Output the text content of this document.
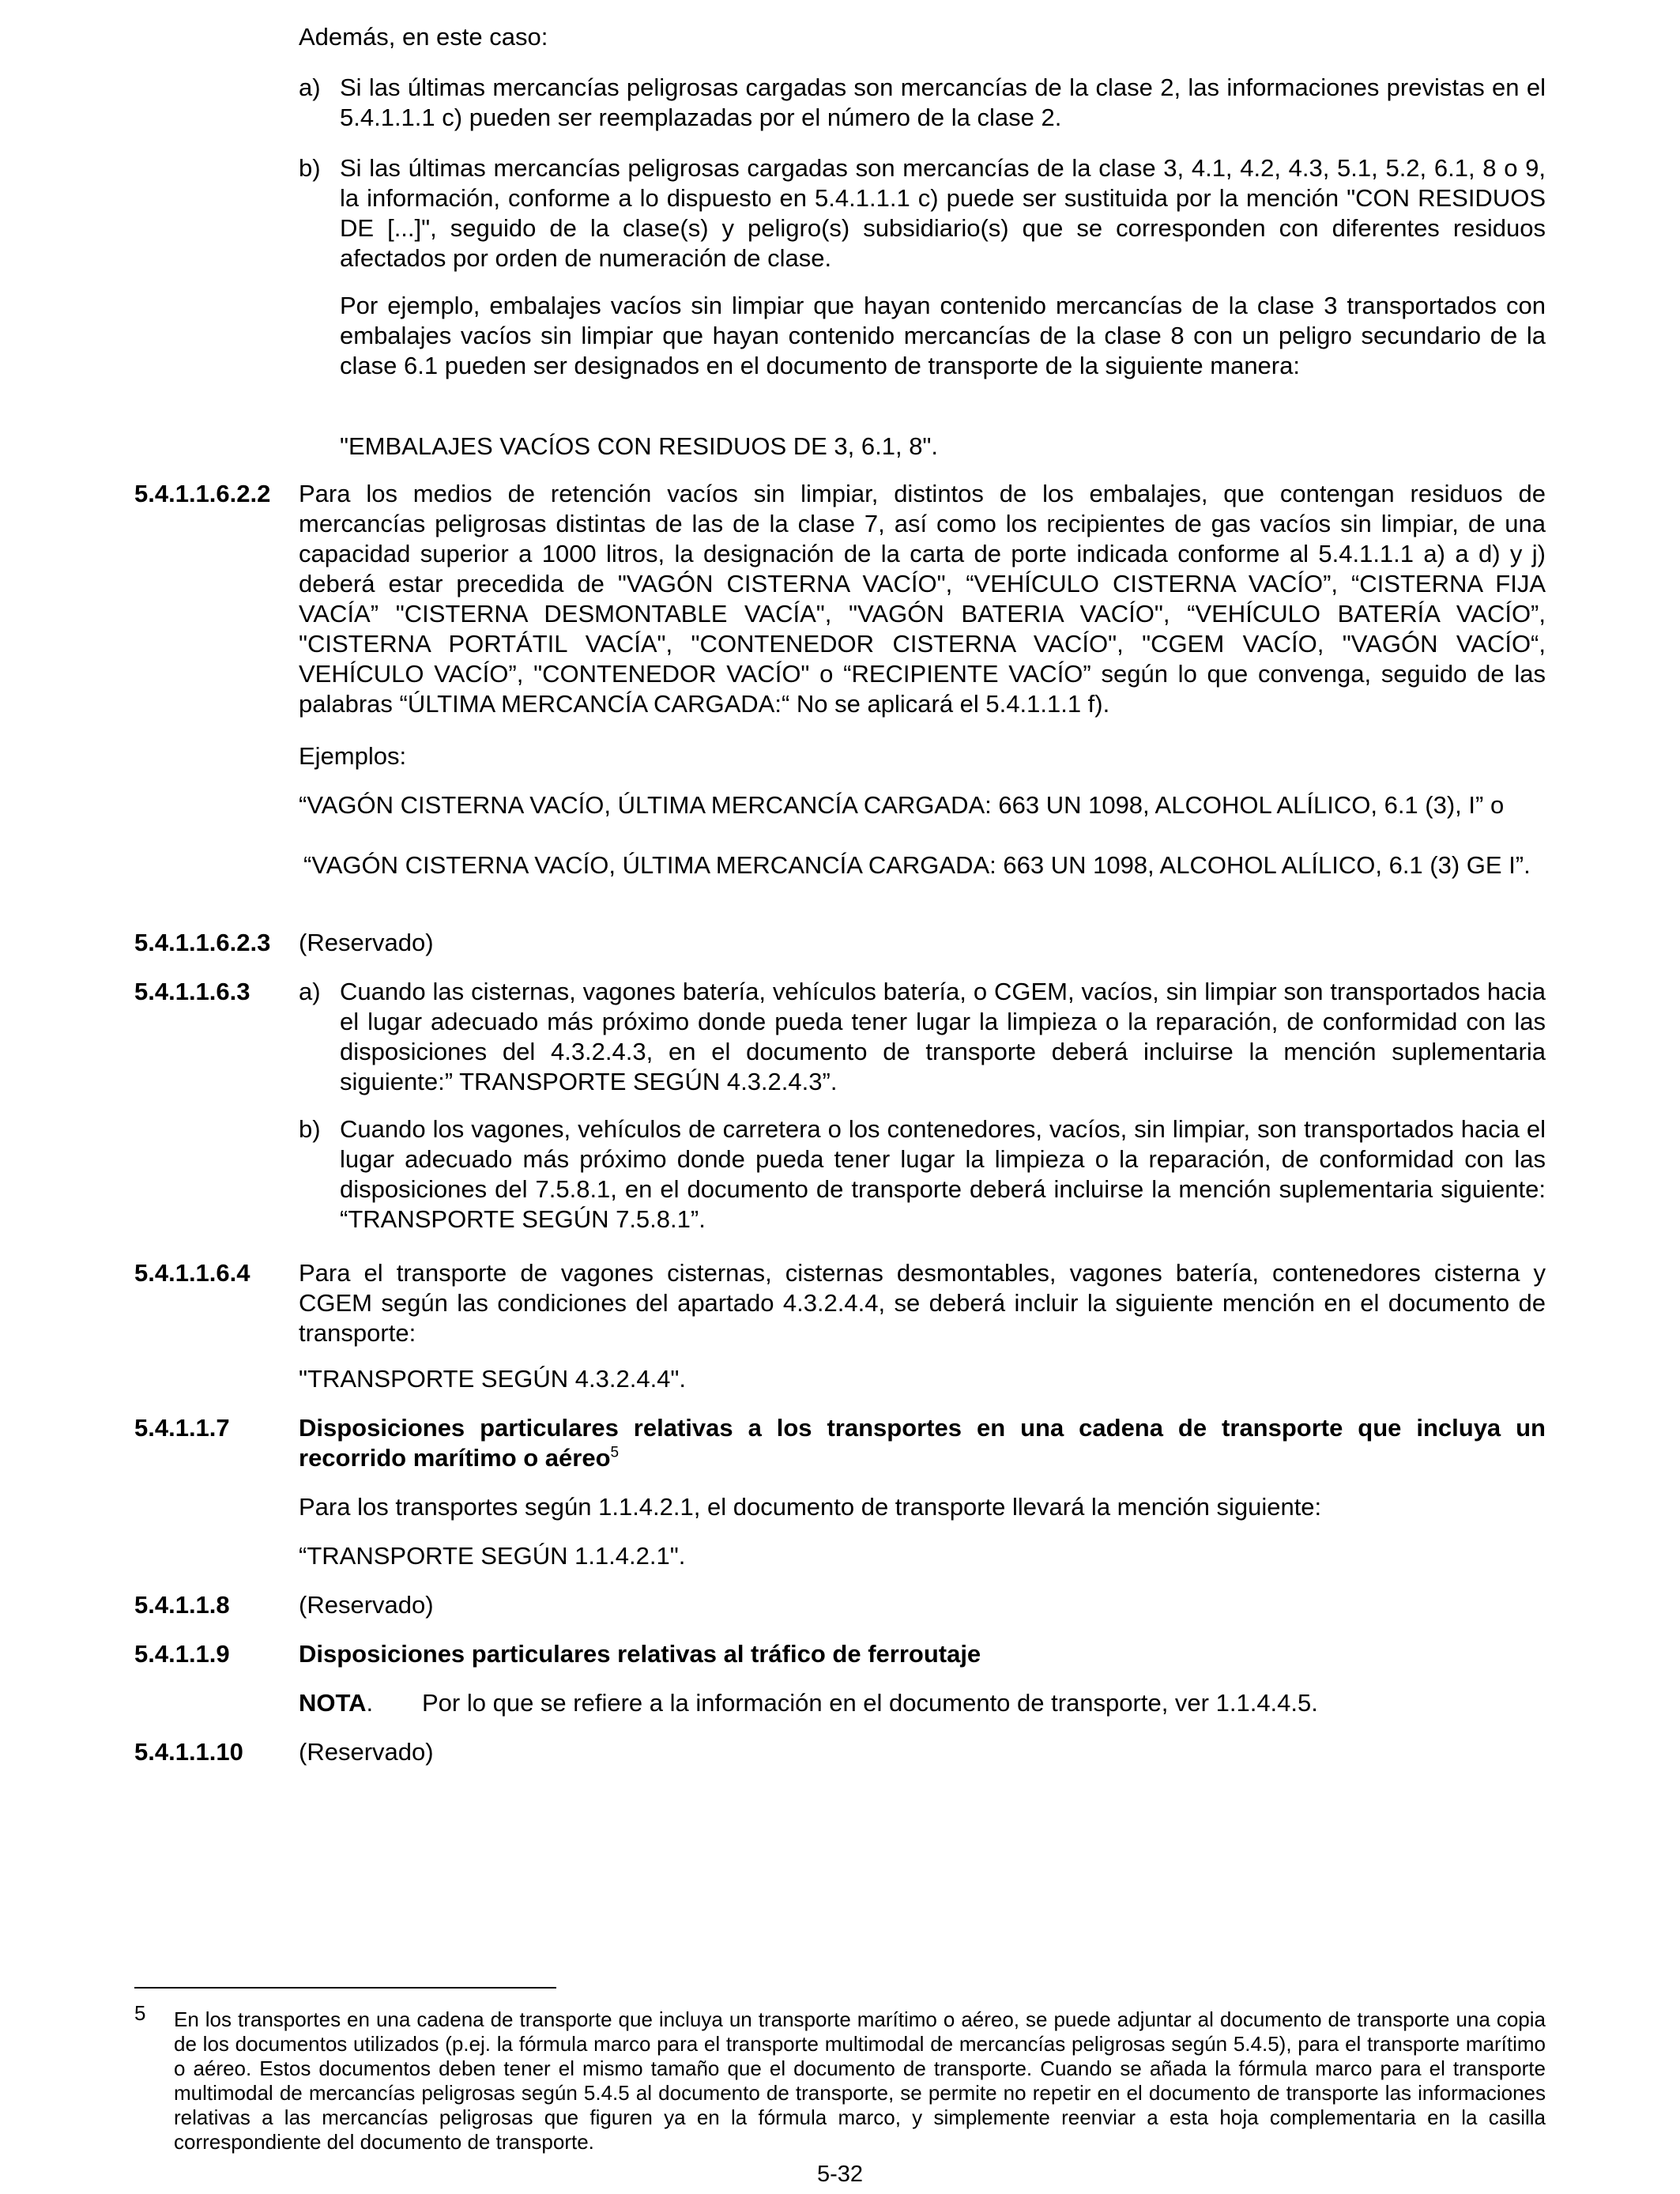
Además, en este caso:
a) Si las últimas mercancías peligrosas cargadas son mercancías de la clase 2, las informaciones previstas en el 5.4.1.1.1 c) pueden ser reemplazadas por el número de la clase 2.
b) Si las últimas mercancías peligrosas cargadas son mercancías de la clase 3, 4.1, 4.2, 4.3, 5.1, 5.2, 6.1, 8 o 9, la información, conforme a lo dispuesto en 5.4.1.1.1 c) puede ser sustituida por la mención "CON RESIDUOS DE [...]", seguido de la clase(s) y peligro(s) subsidiario(s) que se corresponden con diferentes residuos afectados por orden de numeración de clase.
Por ejemplo, embalajes vacíos sin limpiar que hayan contenido mercancías de la clase 3 transportados con embalajes vacíos sin limpiar que hayan contenido mercancías de la clase 8 con un peligro secundario de la clase 6.1 pueden ser designados en el documento de transporte de la siguiente manera:
"EMBALAJES VACÍOS CON RESIDUOS DE 3, 6.1, 8".
5.4.1.1.6.2.2 Para los medios de retención vacíos sin limpiar, distintos de los embalajes, que contengan residuos de mercancías peligrosas distintas de las de la clase 7, así como los recipientes de gas vacíos sin limpiar, de una capacidad superior a 1000 litros, la designación de la carta de porte indicada conforme al 5.4.1.1.1 a) a d) y j) deberá estar precedida de "VAGÓN CISTERNA VACÍO", “VEHÍCULO CISTERNA VACÍO”, “CISTERNA FIJA VACÍA” "CISTERNA DESMONTABLE VACÍA", "VAGÓN BATERIA VACÍO", “VEHÍCULO BATERÍA VACÍO”, "CISTERNA PORTÁTIL VACÍA", "CONTENEDOR CISTERNA VACÍO", "CGEM VACÍO, "VAGÓN VACÍO“, VEHÍCULO VACÍO”, "CONTENEDOR VACÍO" o “RECIPIENTE VACÍO” según lo que convenga, seguido de las palabras “ÚLTIMA MERCANCÍA CARGADA:“ No se aplicará el 5.4.1.1.1 f).
Ejemplos:
“VAGÓN CISTERNA VACÍO, ÚLTIMA MERCANCÍA CARGADA: 663 UN 1098, ALCOHOL ALÍLICO, 6.1 (3), I” o
“VAGÓN CISTERNA VACÍO, ÚLTIMA MERCANCÍA CARGADA: 663 UN 1098, ALCOHOL ALÍLICO, 6.1 (3) GE I”.
5.4.1.1.6.2.3 (Reservado)
5.4.1.1.6.3 a) Cuando las cisternas, vagones batería, vehículos batería, o CGEM, vacíos, sin limpiar son transportados hacia el lugar adecuado más próximo donde pueda tener lugar la limpieza o la reparación, de conformidad con las disposiciones del 4.3.2.4.3, en el documento de transporte deberá incluirse la mención suplementaria siguiente:” TRANSPORTE SEGÚN 4.3.2.4.3”.
b) Cuando los vagones, vehículos de carretera o los contenedores, vacíos, sin limpiar, son transportados hacia el lugar adecuado más próximo donde pueda tener lugar la limpieza o la reparación, de conformidad con las disposiciones del 7.5.8.1, en el documento de transporte deberá incluirse la mención suplementaria siguiente: “TRANSPORTE SEGÚN 7.5.8.1”.
5.4.1.1.6.4 Para el transporte de vagones cisternas, cisternas desmontables, vagones batería, contenedores cisterna y CGEM según las condiciones del apartado 4.3.2.4.4, se deberá incluir la siguiente mención en el documento de transporte:
"TRANSPORTE SEGÚN 4.3.2.4.4".
5.4.1.1.7	Disposiciones particulares relativas a los transportes en una cadena de transporte que incluya un recorrido marítimo o aéreo$^5$
Para los transportes según 1.1.4.2.1, el documento de transporte llevará la mención siguiente:
“TRANSPORTE SEGÚN 1.1.4.2.1".
5.4.1.1.8	(Reservado)
5.4.1.1.9	Disposiciones particulares relativas al tráfico de ferroutaje
NOTA. Por lo que se refiere a la información en el documento de transporte, ver 1.1.4.4.5.
5.4.1.1.10 (Reservado)
5 En los transportes en una cadena de transporte que incluya un transporte marítimo o aéreo, se puede adjuntar al documento de transporte una copia de los documentos utilizados (p.ej. la fórmula marco para el transporte multimodal de mercancías peligrosas según 5.4.5), para el transporte marítimo o aéreo. Estos documentos deben tener el mismo tamaño que el documento de transporte. Cuando se añada la fórmula marco para el transporte multimodal de mercancías peligrosas según 5.4.5 al documento de transporte, se permite no repetir en el documento de transporte las informaciones relativas a las mercancías peligrosas que figuren ya en la fórmula marco, y simplemente reenviar a esta hoja complementaria en la casilla correspondiente del documento de transporte.
5-32
